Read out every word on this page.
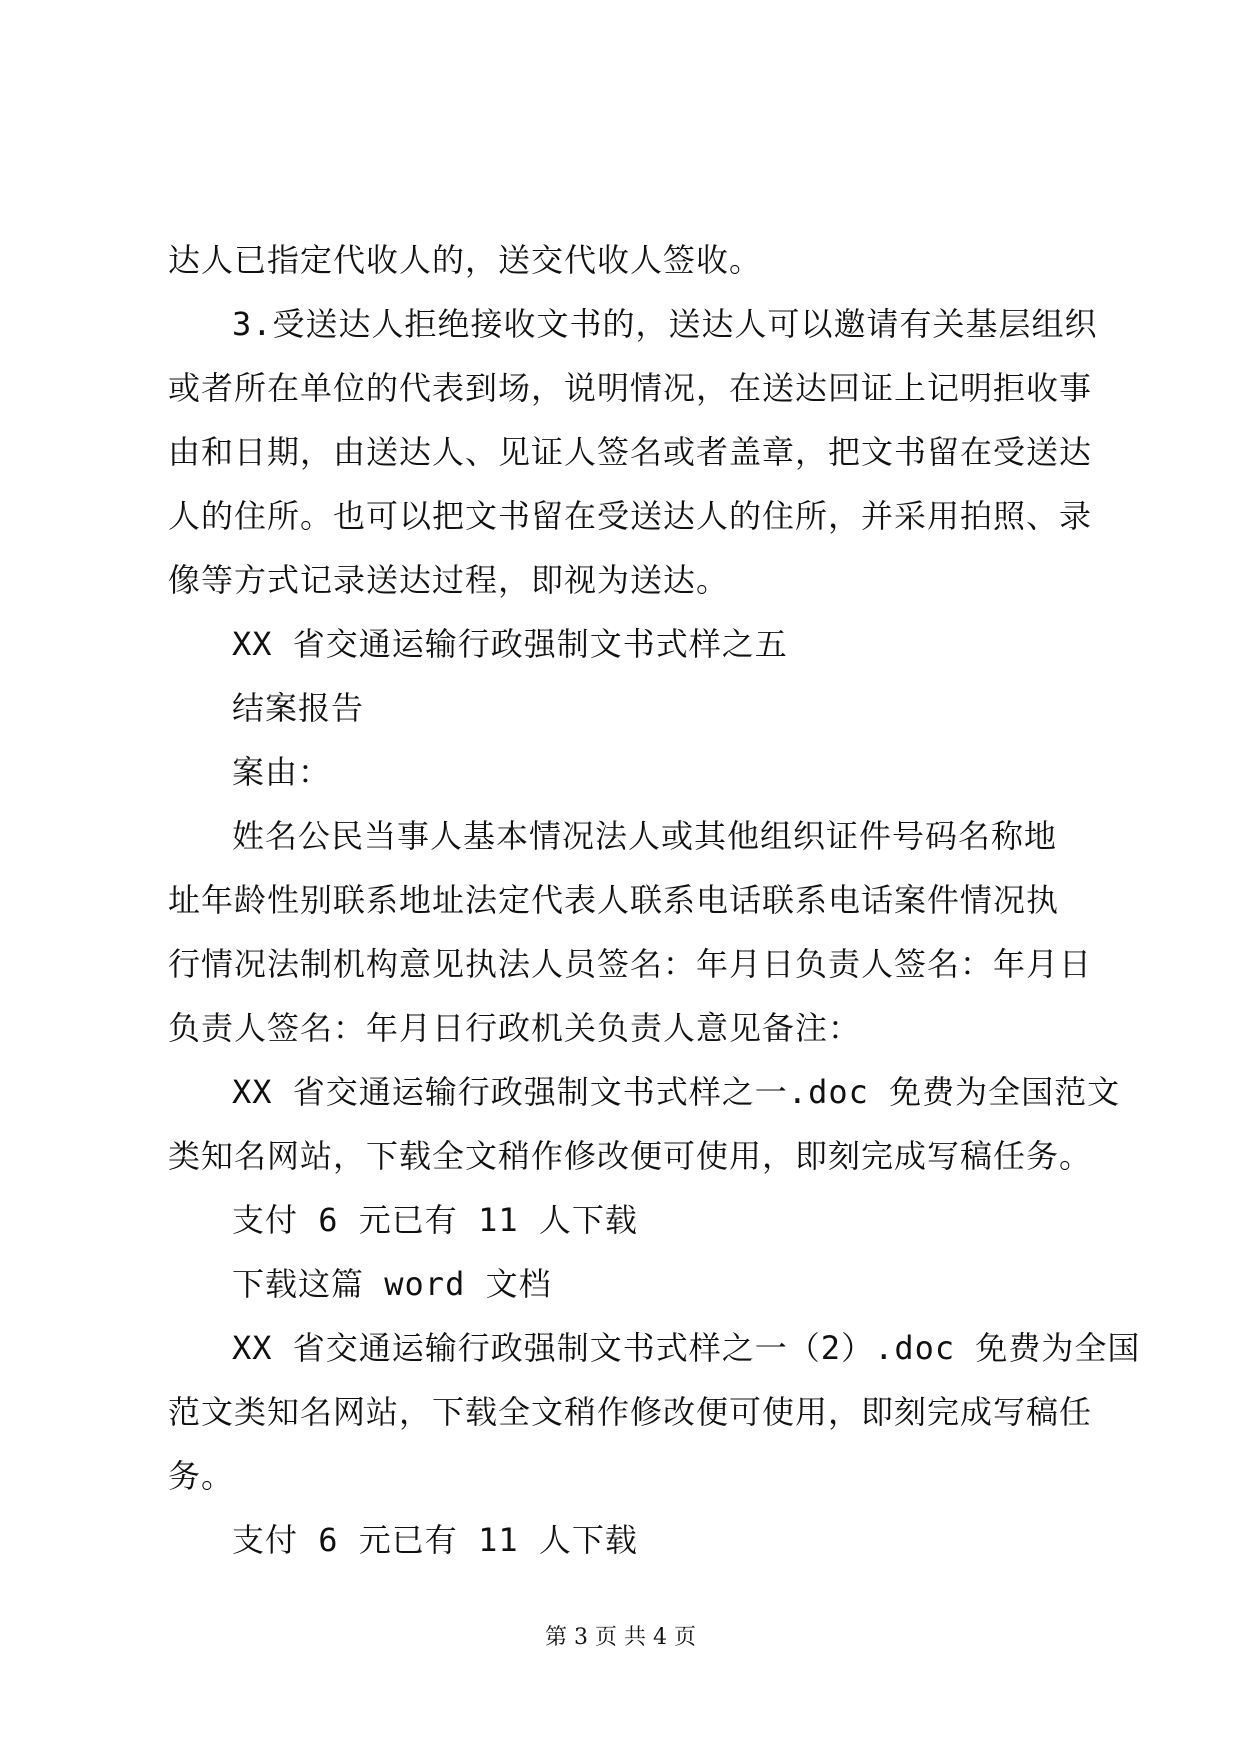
达人已指定代收人的，送交代收人签收。

3.受送达人拒绝接收文书的，送达人可以邀请有关基层组织

或者所在单位的代表到场，说明情况，在送达回证上记明拒收事

由和日期，由送达人、见证人签名或者盖章，把文书留在受送达

人的住所。也可以把文书留在受送达人的住所，并采用拍照、录

像等方式记录送达过程，即视为送达。

XX 省交通运输行政强制文书式样之五

结案报告

案由：

姓名公民当事人基本情况法人或其他组织证件号码名称地

址年龄性别联系地址法定代表人联系电话联系电话案件情况执

行情况法制机构意见执法人员签名：年月日负责人签名：年月日

负责人签名：年月日行政机关负责人意见备注：

XX 省交通运输行政强制文书式样之一.doc 免费为全国范文

类知名网站，下载全文稍作修改便可使用，即刻完成写稿任务。

支付 6 元已有 11 人下载

下载这篇 word 文档

XX 省交通运输行政强制文书式样之一（2）.doc 免费为全国

范文类知名网站，下载全文稍作修改便可使用，即刻完成写稿任

务。

支付 6 元已有 11 人下载

第 3 页 共 4 页
